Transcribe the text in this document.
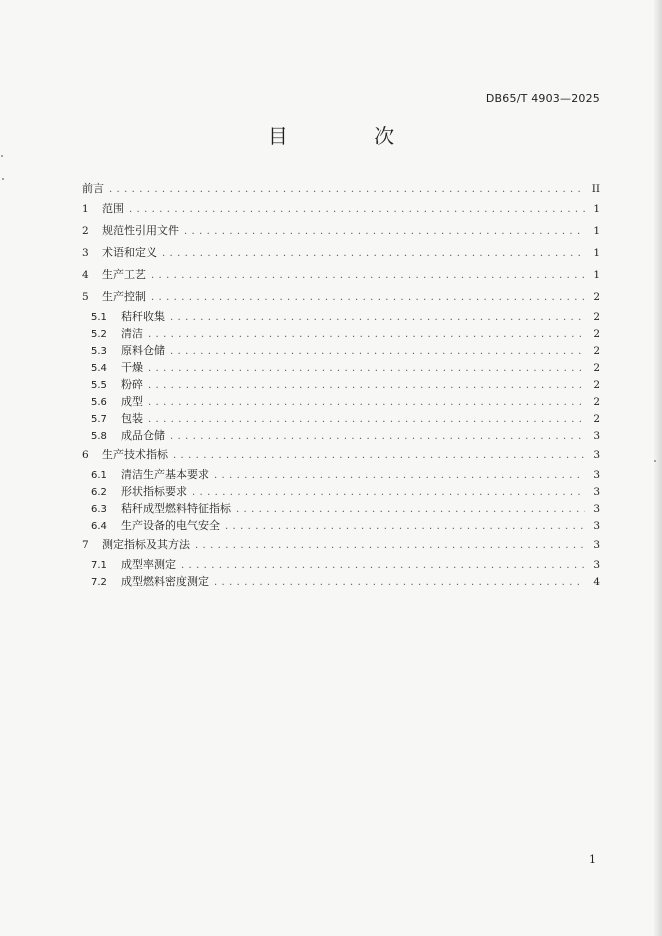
DB65/T 4903—2025
目 次
前言 . . .	II
1	范围 . . .	1
2	规范性引用文件 . . .	1
3	术语和定义 . . .	1
4	生产工艺 . . .	1
5	生产控制 . . .	2
5.1	秸秆收集 . . .	2
5.2	清洁 . . .	2
5.3	原料仓储 . . .	2
5.4	干燥 . . .	2
5.5	粉碎 . . .	2
5.6	成型 . . .	2
5.7	包装 . . .	2
5.8	成品仓储 . . .	3
6	生产技术指标 . . .	3
6.1	清洁生产基本要求 . . .	3
6.2	形状指标要求 . . .	3
6.3	秸秆成型燃料特征指标 . . .	3
6.4	生产设备的电气安全 . . .	3
7	测定指标及其方法 . . .	3
7.1	成型率测定 . . .	3
7.2	成型燃料密度测定 . . .	4
1
